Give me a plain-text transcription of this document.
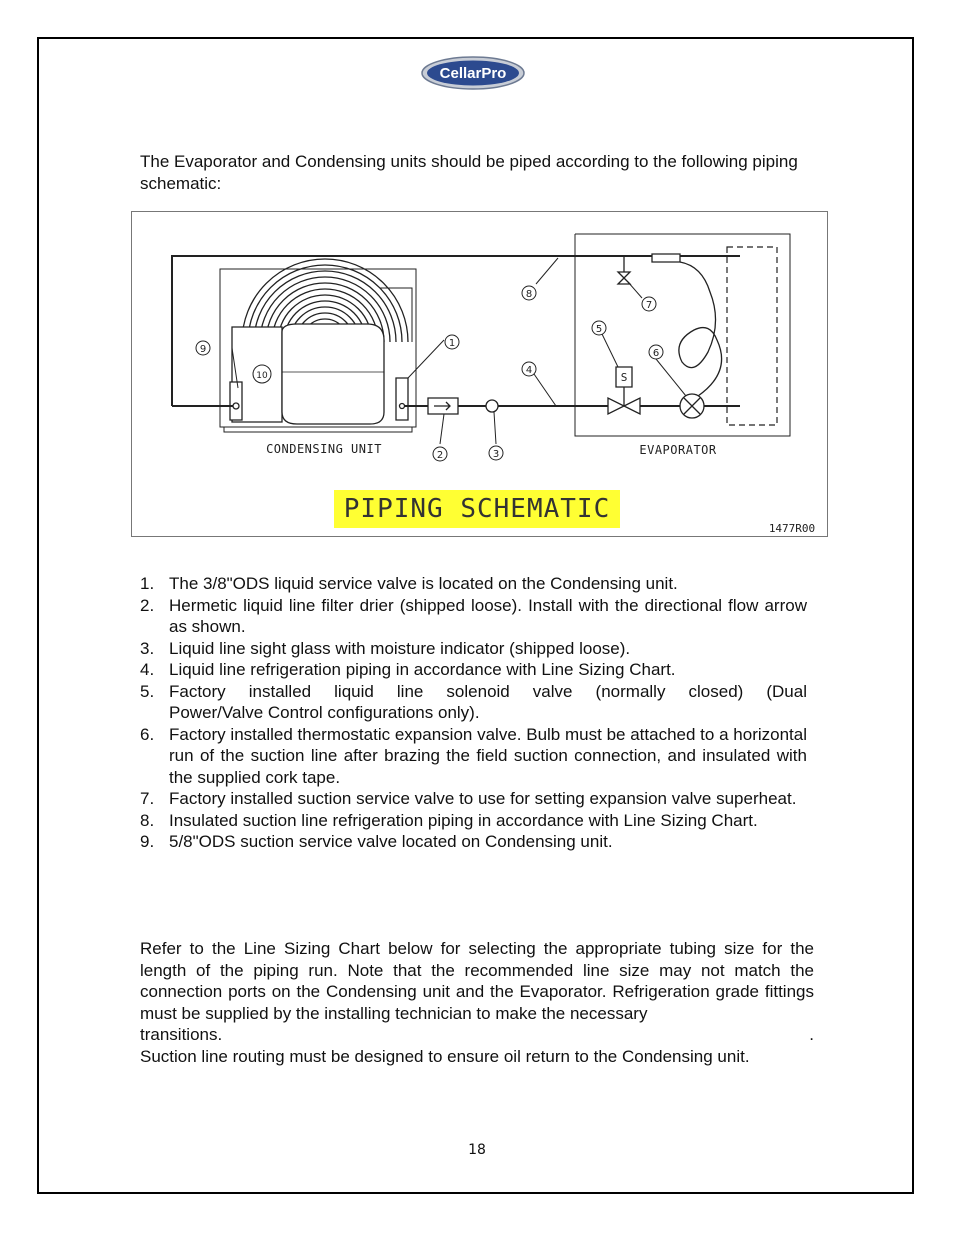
CellarPro
The Evaporator and Condensing units should be piped according to the following piping schematic:
1
2	3
4
5
6
7
8
9
10	S
CONDENSING UNIT	EVAPORATOR
PIPING SCHEMATIC
1477R00
1. The 3/8"ODS liquid service valve is located on the Condensing unit.
2. Hermetic liquid line filter drier (shipped loose). Install with the directional flow arrow as shown.
3. Liquid line sight glass with moisture indicator (shipped loose).
4. Liquid line refrigeration piping in accordance with Line Sizing Chart.
5. Factory installed liquid line solenoid valve (normally closed) (Dual
Power/Valve Control configurations only).
6. Factory installed thermostatic expansion valve. Bulb must be attached to a horizontal run of the suction line after brazing the field suction connection, and insulated with the supplied cork tape.
7. Factory installed suction service valve to use for setting expansion valve superheat.
8. Insulated suction line refrigeration piping in accordance with Line Sizing Chart.
9. 5/8"ODS suction service valve located on Condensing unit.

Refer to the Line Sizing Chart below for selecting the appropriate tubing size for the length of the piping run. Note that the recommended line size may not match the connection ports on the Condensing unit and the Evaporator. Refrigeration grade fittings must be supplied by the installing technician to make the necessary

transitions.	.

Suction line routing must be designed to ensure oil return to the Condensing unit.

18
